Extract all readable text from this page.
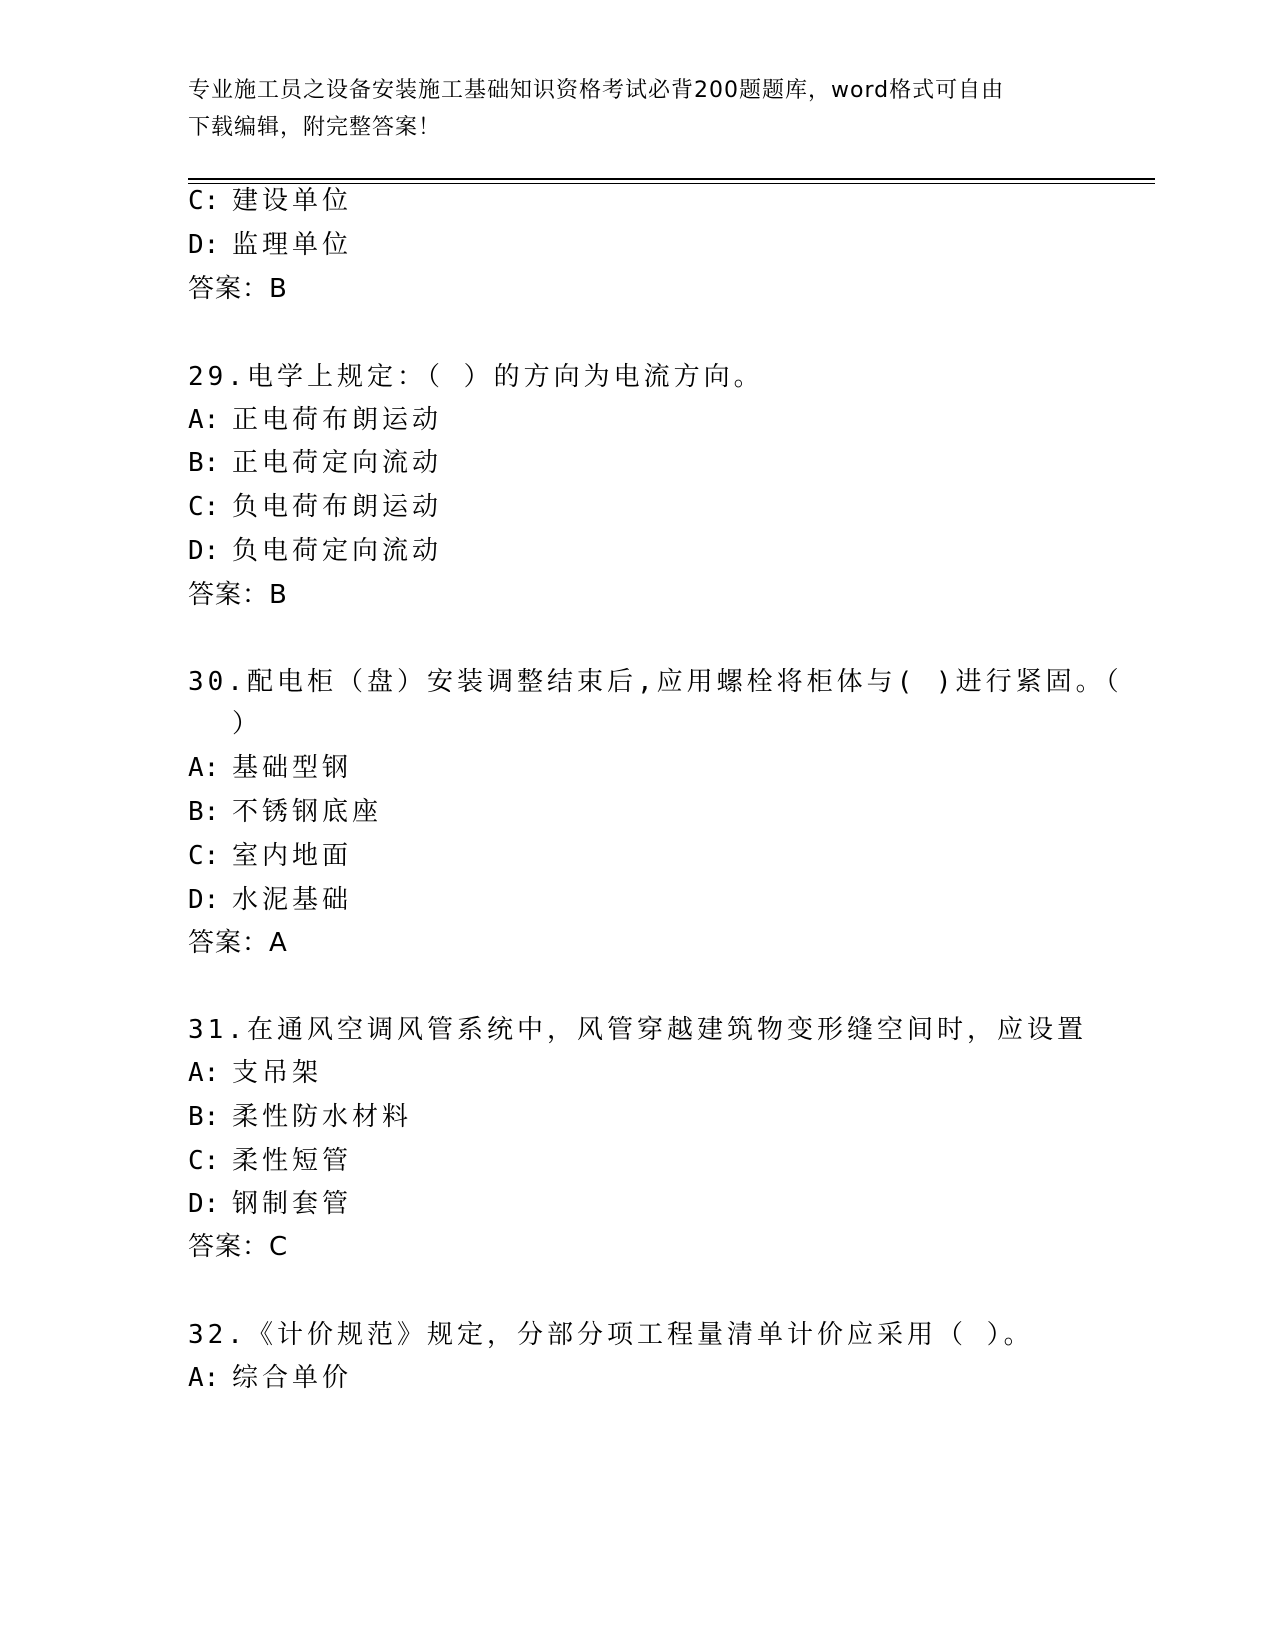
专业施工员之设备安装施工基础知识资格考试必背200题题库，word格式可自由
下载编辑，附完整答案！
C: 建设单位
D: 监理单位
答案：B
29.电学上规定：（ ）的方向为电流方向。
A: 正电荷布朗运动
B: 正电荷定向流动
C: 负电荷布朗运动
D: 负电荷定向流动
答案：B
30.配电柜（盘）安装调整结束后,应用螺栓将柜体与( )进行紧固。（
）
A: 基础型钢
B: 不锈钢底座
C: 室内地面
D: 水泥基础
答案：A
31.在通风空调风管系统中，风管穿越建筑物变形缝空间时，应设置
A: 支吊架
B: 柔性防水材料
C: 柔性短管
D: 钢制套管
答案：C
32.《计价规范》规定，分部分项工程量清单计价应采用（ ）。
A: 综合单价
